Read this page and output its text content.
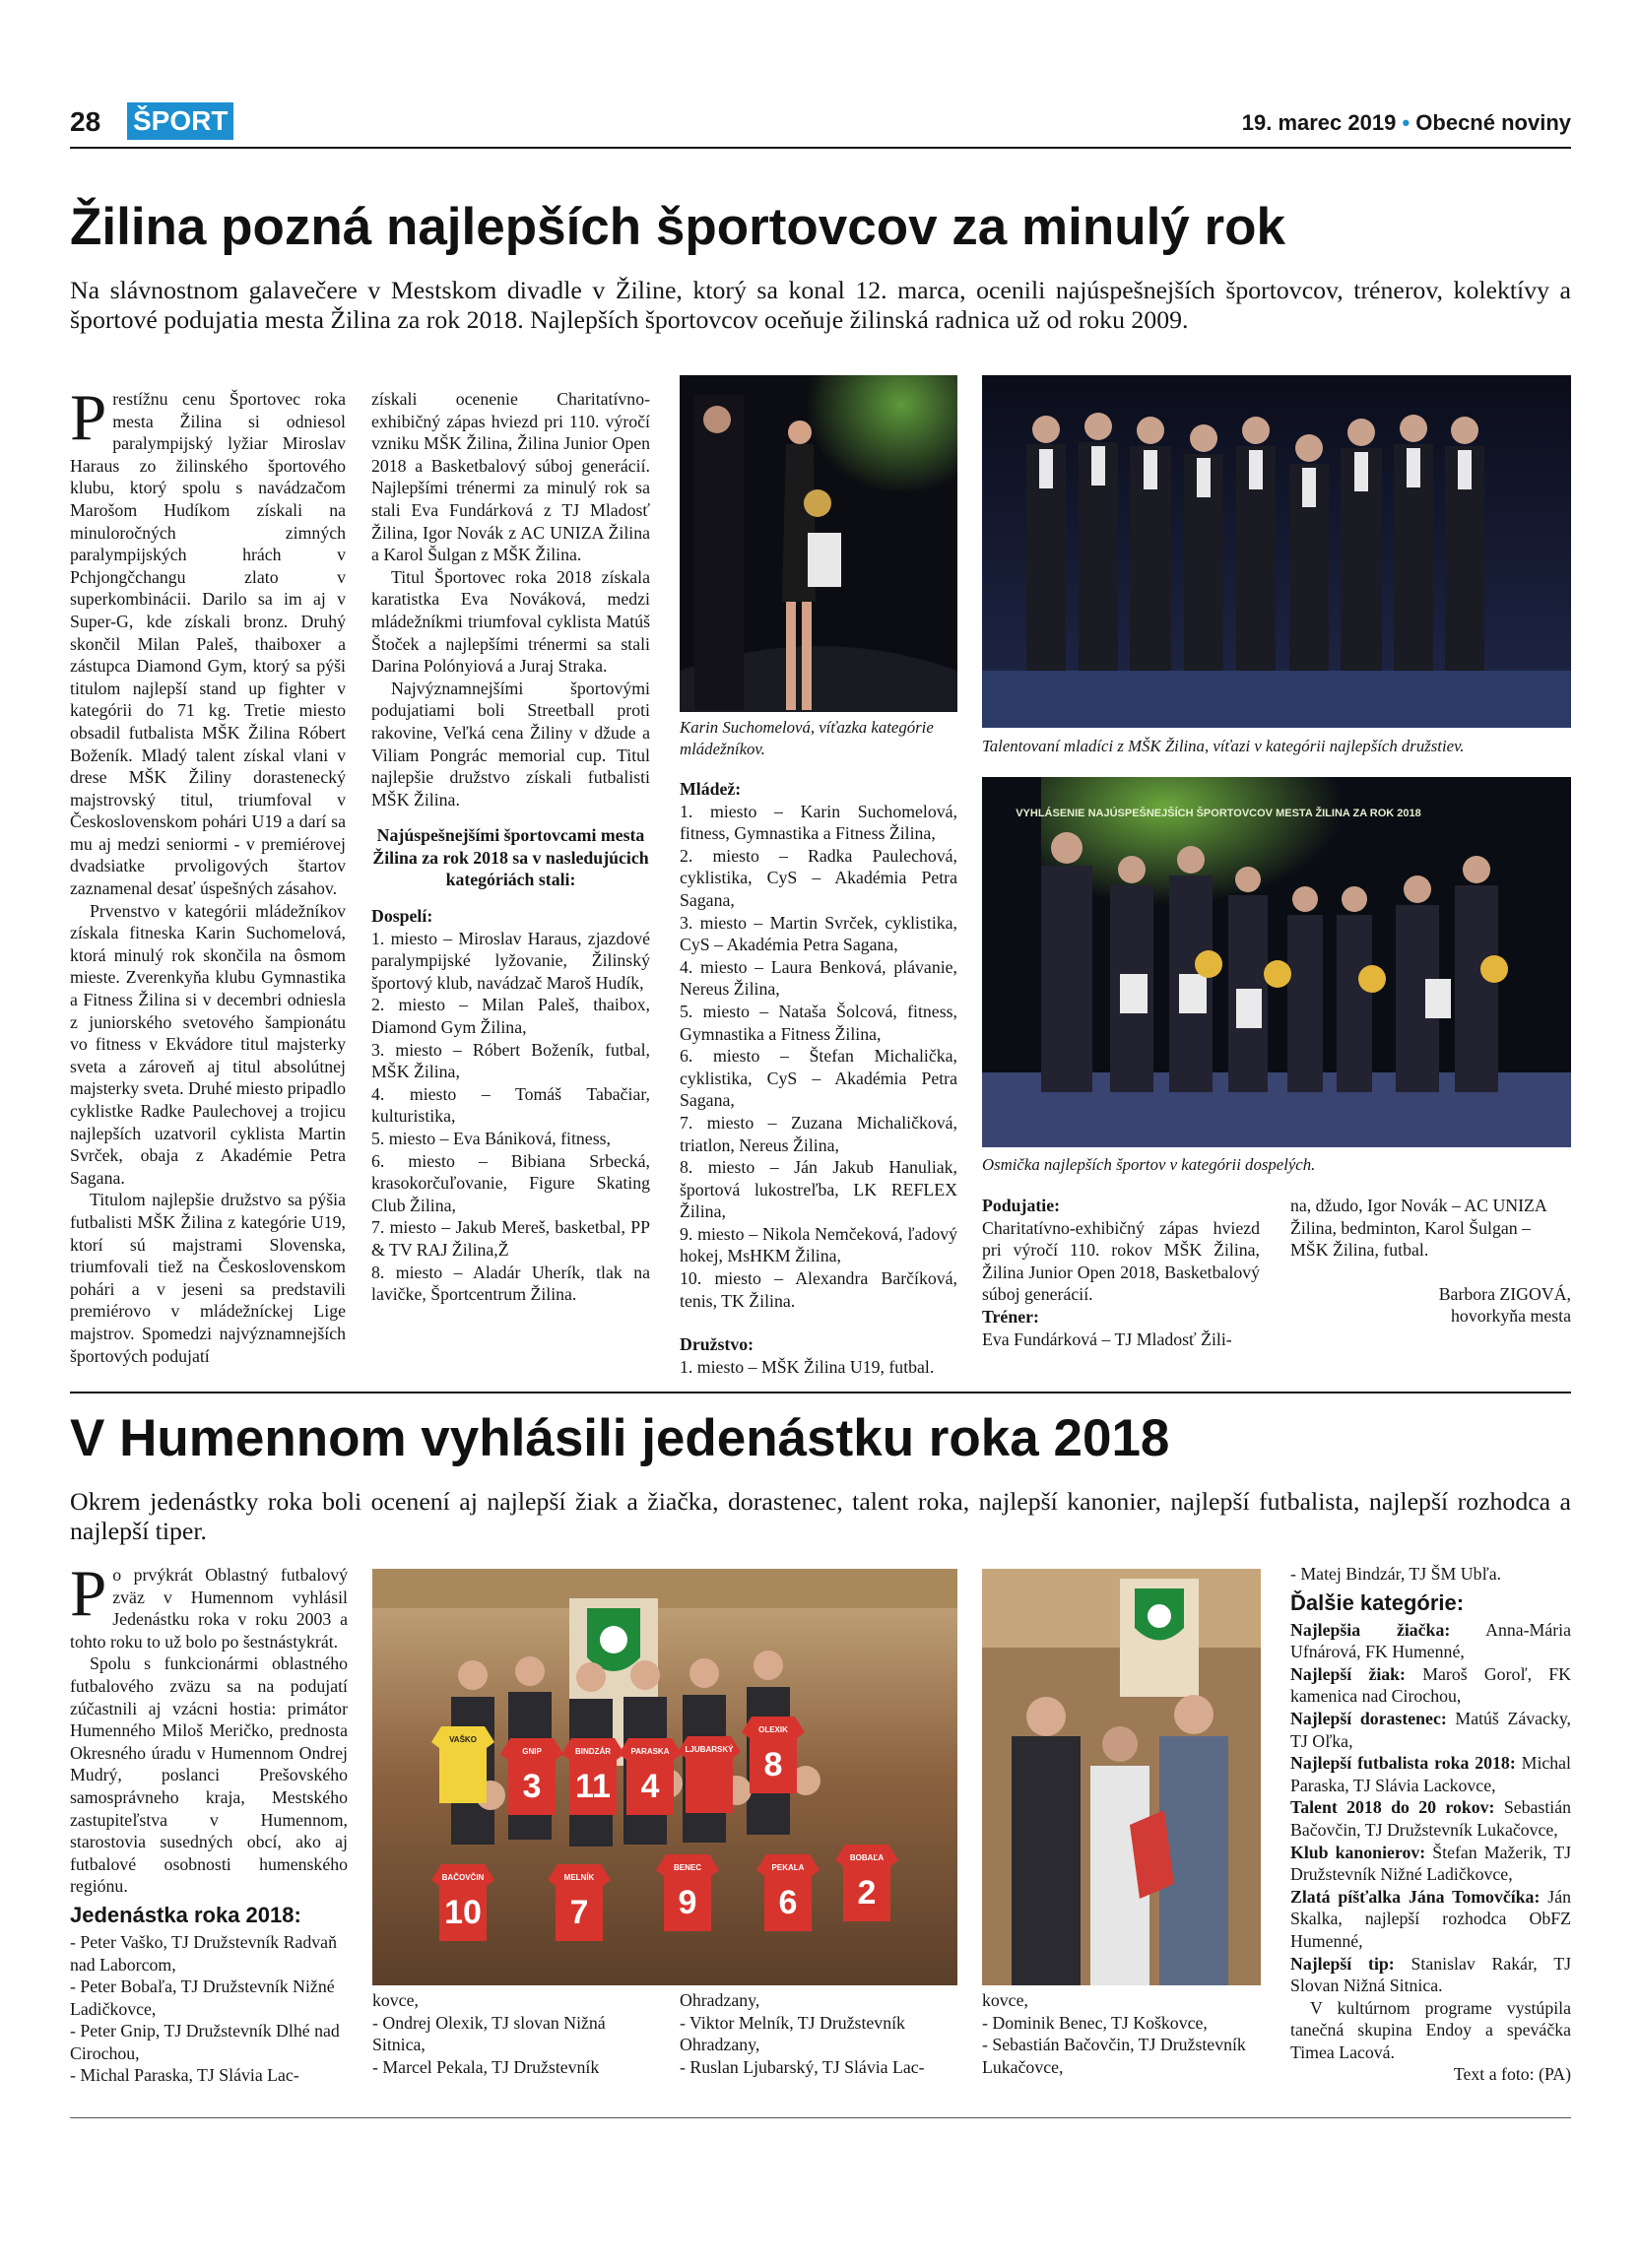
28 ŠPORT	19. marec 2019 • Obecné noviny
Žilina pozná najlepších športovcov za minulý rok

Na slávnostnom galavečere v Mestskom divadle v Žiline, ktorý sa konal 12. marca, ocenili najúspešnejších športovcov, trénerov, kolektívy a športové podujatia mesta Žilina za rok 2018. Najlepších športovcov oceňuje žilinská radnica už od roku 2009.

Prestížnu cenu Športovec roka mesta Žilina si odniesol paralympijský lyžiar Miroslav Haraus zo žilinského športového klubu, ktorý spolu s navádzačom Marošom Hudíkom získali na minuloročných zimných paralympijských hrách v Pchjongčchangu zlato v superkombinácii. Darilo sa im aj v Super-G, kde získali bronz. Druhý skončil Milan Paleš, thaiboxer a zástupca Diamond Gym, ktorý sa pýši titulom najlepší stand up fighter v kategórii do 71 kg. Tretie miesto obsadil futbalista MŠK Žilina Róbert Boženík. Mladý talent získal vlani v drese MŠK Žiliny dorastenecký majstrovský titul, triumfoval v Československom pohári U19 a darí sa mu aj medzi seniormi - v premiérovej dvadsiatke prvoligových štartov zaznamenal desať úspešných zásahov.

Prvenstvo v kategórii mládežníkov získala fitneska Karin Suchomelová, ktorá minulý rok skončila na ôsmom mieste. Zverenkyňa klubu Gymnastika a Fitness Žilina si v decembri odniesla z juniorského svetového šampionátu vo fitness v Ekvádore titul majsterky sveta a zároveň aj titul absolútnej majsterky sveta. Druhé miesto pripadlo cyklistke Radke Paulechovej a trojicu najlepších uzatvoril cyklista Martin Svrček, obaja z Akadémie Petra Sagana.

Titulom najlepšie družstvo sa pýšia futbalisti MŠK Žilina z kategórie U19, ktorí sú majstrami Slovenska, triumfovali tiež na Československom pohári a v jeseni sa predstavili premiérovo v mládežníckej Lige majstrov. Spomedzi najvýznamnejších športových podujatí

získali ocenenie Charitatívno-exhibičný zápas hviezd pri 110. výročí vzniku MŠK Žilina, Žilina Junior Open 2018 a Basketbalový súboj generácií. Najlepšími trénermi za minulý rok sa stali Eva Fundárková z TJ Mladosť Žilina, Igor Novák z AC UNIZA Žilina a Karol Šulgan z MŠK Žilina.

Titul Športovec roka 2018 získala karatistka Eva Nováková, medzi mládežníkmi triumfoval cyklista Matúš Štoček a najlepšími trénermi sa stali Darina Polónyiová a Juraj Straka.

Najvýznamnejšími športovými podujatiami boli Streetball proti rakovine, Veľká cena Žiliny v džude a Viliam Pongrác memorial cup. Titul najlepšie družstvo získali futbalisti MŠK Žilina.

Najúspešnejšími športovcami mesta Žilina za rok 2018 sa v nasledujúcich kategóriách stali:

Dospelí:

1. miesto – Miroslav Haraus, zjazdové paralympijské lyžovanie, Žilinský športový klub, navádzač Maroš Hudík,

2. miesto – Milan Paleš, thaibox, Diamond Gym Žilina,

3. miesto – Róbert Boženík, futbal, MŠK Žilina,

4. miesto – Tomáš Tabačiar, kulturistika,

5. miesto – Eva Bániková, fitness,

6. miesto – Bibiana Srbecká, krasokorčuľovanie, Figure Skating Club Žilina,

7. miesto – Jakub Mereš, basketbal, PP & TV RAJ Žilina,Ž

8. miesto – Aladár Uherík, tlak na lavičke, Športcentrum Žilina.

Karin Suchomelová, víťazka kategórie mládežníkov.

Mládež:

1. miesto – Karin Suchomelová, fitness, Gymnastika a Fitness Žilina,

2. miesto – Radka Paulechová, cyklistika, CyS – Akadémia Petra Sagana,

3. miesto – Martin Svrček, cyklistika, CyS – Akadémia Petra Sagana,

4. miesto – Laura Benková, plávanie, Nereus Žilina,

5. miesto – Nataša Šolcová, fitness, Gymnastika a Fitness Žilina,

6. miesto – Štefan Michalička, cyklistika, CyS – Akadémia Petra Sagana,

7. miesto – Zuzana Michaličková, triatlon, Nereus Žilina,

8. miesto – Ján Jakub Hanuliak, športová lukostreľba, LK REFLEX Žilina,

9. miesto – Nikola Nemčeková, ľadový hokej, MsHKM Žilina,

10. miesto – Alexandra Barčíková, tenis, TK Žilina.

Družstvo:

1. miesto – MŠK Žilina U19, futbal.

Talentovaní mladíci z MŠK Žilina, víťazi v kategórii najlepších družstiev.

VYHLÁSENIE NAJÚSPEŠNEJŠÍCH ŠPORTOVCOV MESTA ŽILINA ZA ROK 2018

Osmička najlepších športov v kategórii dospelých.

Podujatie:

Charitatívno-exhibičný zápas hviezd pri výročí 110. rokov MŠK Žilina, Žilina Junior Open 2018, Basketbalový súboj generácií.

Tréner:

Eva Fundárková – TJ Mladosť Žili-

na, džudo, Igor Novák – AC UNIZA Žilina, bedminton, Karol Šulgan – MŠK Žilina, futbal.

Barbora ZIGOVÁ,

hovorkyňa mesta

V Humennom vyhlásili jedenástku roka 2018

Okrem jedenástky roka boli ocenení aj najlepší žiak a žiačka, dorastenec, talent roka, najlepší kanonier, najlepší futbalista, najlepší rozhodca a najlepší tiper.

Po prvýkrát Oblastný futbalový zväz v Humennom vyhlásil Jedenástku roka v roku 2003 a tohto roku to už bolo po šestnástykrát.

Spolu s funkcionármi oblastného futbalového zväzu sa na podujatí zúčastnili aj vzácni hostia: primátor Humenného Miloš Meričko, prednosta Okresného úradu v Humennom Ondrej Mudrý, poslanci Prešovského samosprávneho kraja, Mestského zastupiteľstva v Humennom, starostovia susedných obcí, ako aj futbalové osobnosti humenského regiónu.

Jedenástka roka 2018:

- Peter Vaško, TJ Družstevník Radvaň nad Laborcom,

- Peter Bobaľa, TJ Družstevník Nižné Ladičkovce,

- Peter Gnip, TJ Družstevník Dlhé nad Cirochou,

- Michal Paraska, TJ Slávia Lac-

VAŠKO
GNIP
3
BINDZÁR
11
PARASKA
4
LJUBARSKÝ
OLEXIK
8
BAČOVČIN
10
MELNÍK
7
BENEC
9
PEKALA
6
BOBAĽA
2

kovce,

- Ondrej Olexik, TJ slovan Nižná Sitnica,

- Marcel Pekala, TJ Družstevník

Ohradzany,

- Viktor Melník, TJ Družstevník Ohradzany,

- Ruslan Ljubarský, TJ Slávia Lac-

kovce,

- Dominik Benec, TJ Koškovce,

- Sebastián Bačovčin, TJ Družstevník Lukačovce,

- Matej Bindzár, TJ ŠM Ubľa.

Ďalšie kategórie:

Najlepšia žiačka: Anna-Mária Ufnárová, FK Humenné,

Najlepší žiak: Maroš Goroľ, FK kamenica nad Cirochou,

Najlepší dorastenec: Matúš Závacky, TJ Oľka,

Najlepší futbalista roka 2018: Michal Paraska, TJ Slávia Lackovce,

Talent 2018 do 20 rokov: Sebastián Bačovčin, TJ Družstevník Lukačovce,

Klub kanonierov: Štefan Mažerik, TJ Družstevník Nižné Ladičkovce,

Zlatá píšťalka Jána Tomovčíka: Ján Skalka, najlepší rozhodca ObFZ Humenné,

Najlepší tip: Stanislav Rakár, TJ Slovan Nižná Sitnica.

V kultúrnom programe vystúpila tanečná skupina Endoy a speváčka Timea Lacová.

Text a foto: (PA)
